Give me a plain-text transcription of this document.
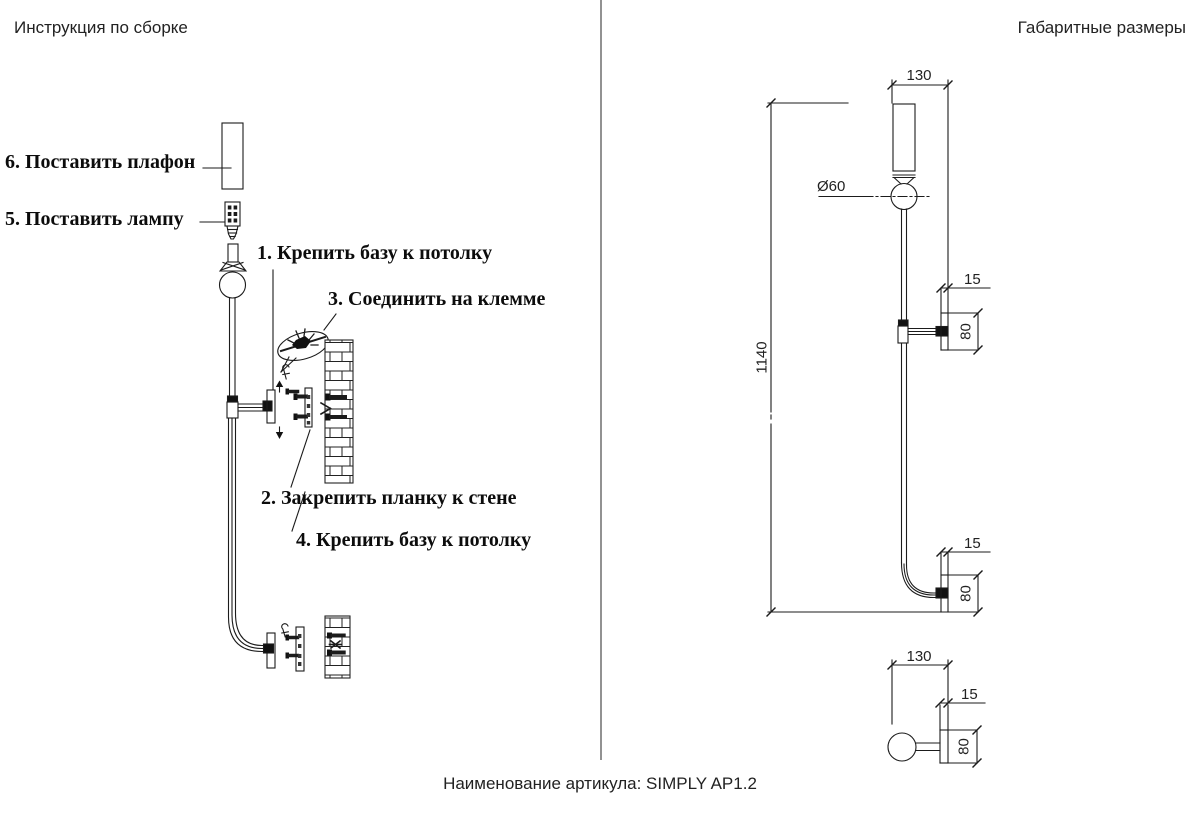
Инструкция по сборке	Габаритные размеры
6. Поставить плафон
5. Поставить лампу
1. Крепить базу к потолку
3. Соединить на клемме
2. Закрепить планку к стене
4. Крепить базу к потолку
130
Ø60
1140
15
80
15
80
130
15
80
Наименование артикула: SIMPLY AP1.2
